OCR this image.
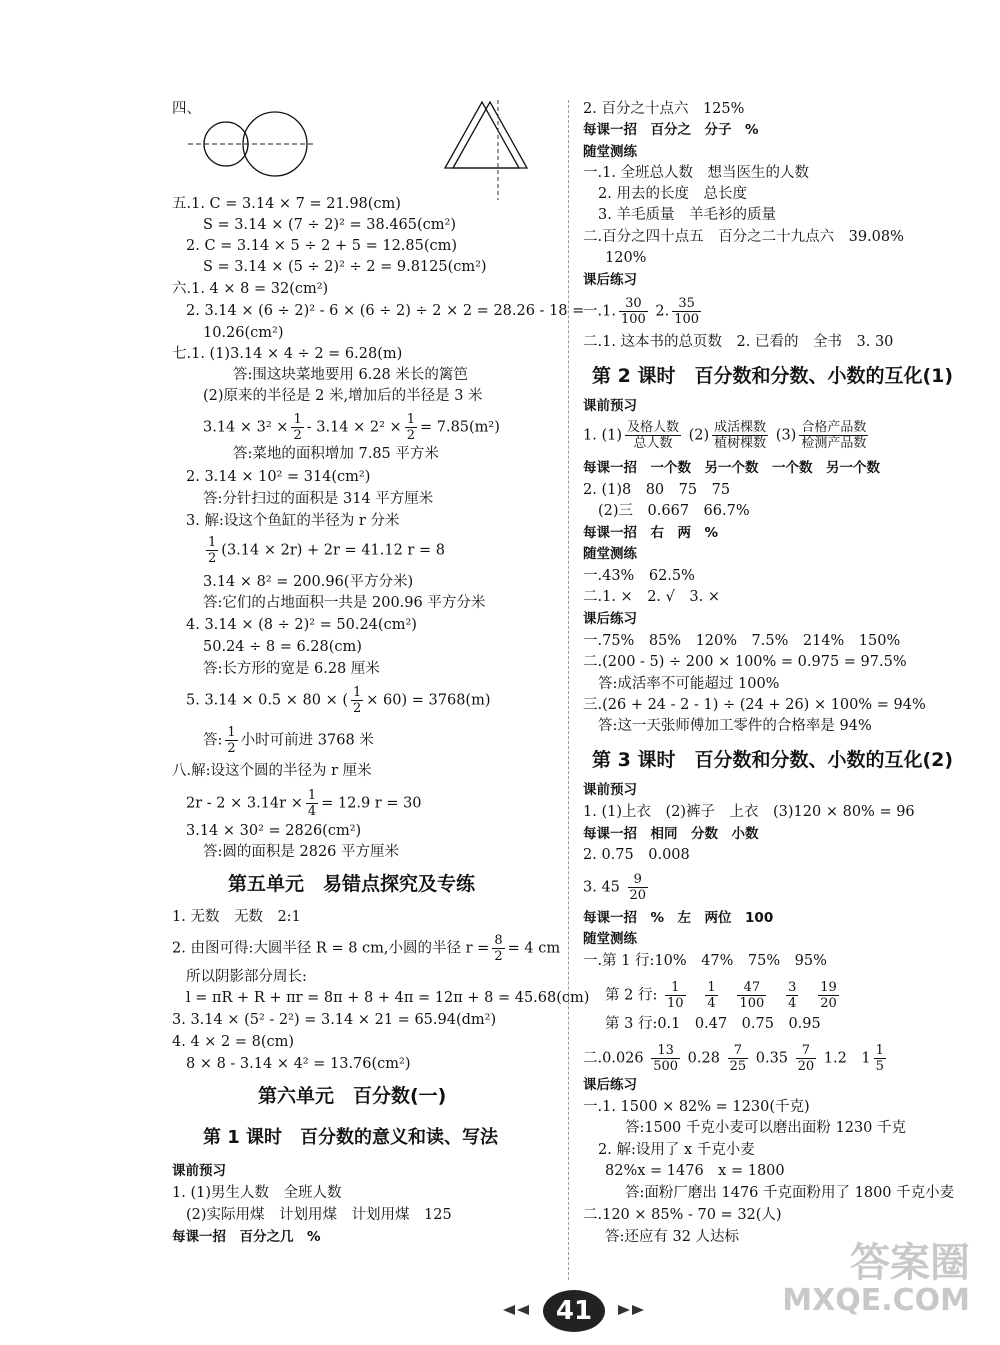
四、
五.1. C = 3.14 × 7 = 21.98(cm)
S = 3.14 × (7 ÷ 2)² = 38.465(cm²)
2. C = 3.14 × 5 ÷ 2 + 5 = 12.85(cm)
S = 3.14 × (5 ÷ 2)² ÷ 2 = 9.8125(cm²)
六.1. 4 × 8 = 32(cm²)
2. 3.14 × (6 ÷ 2)² - 6 × (6 ÷ 2) ÷ 2 × 2 = 28.26 - 18 =
10.26(cm²)
七.1. (1)3.14 × 4 ÷ 2 = 6.28(m)
答:围这块菜地要用 6.28 米长的篱笆
(2)原来的半径是 2 米,增加后的半径是 3 米
$3.14 \times 3^2 \times \frac{1}{2} - 3.14 \times 2^2 \times \frac{1}{2} = 7.85(m^2)$
答:菜地的面积增加 7.85 平方米
2. 3.14 × 10² = 314(cm²)
答:分针扫过的面积是 314 平方厘米
3. 解:设这个鱼缸的半径为 r 分米
$\frac{1}{2} (3.14 \times 2r) + 2r = 41.12$ r = 8
3.14 × 8² = 200.96(平方分米)
答:它们的占地面积一共是 200.96 平方分米
4. 3.14 × (8 ÷ 2)² = 50.24(cm²)
50.24 ÷ 8 = 6.28(cm)
答:长方形的宽是 6.28 厘米
5. 3.14 × 0.5 × 80 × ( $\frac{1}{2} \times 60) = 3768(m)$
答: $\frac{1}{2}$ 小时可前进 3768 米
八.解:设这个圆的半径为 r 厘米
$2r - 2 \times 3.14r \times \frac{1}{4} = 12.9$ r = 30
3.14 × 30² = 2826(cm²)
答:圆的面积是 2826 平方厘米
第五单元　易错点探究及专练
1. 无数　无数　2:1
2. 由图可得:大圆半径 R = 8 cm,小圆的半径 $r = \frac{8}{2} = 4$ cm
所以阴影部分周长:
l = πR + R + πr = 8π + 8 + 4π = 12π + 8 = 45.68(cm)
3. 3.14 × (5² - 2²) = 3.14 × 21 = 65.94(dm²)
4. 4 × 2 = 8(cm)
8 × 8 - 3.14 × 4² = 13.76(cm²)
第六单元　百分数(一)
第 1 课时　百分数的意义和读、写法
课前预习
1. (1)男生人数　全班人数
(2)实际用煤　计划用煤　计划用煤　125
每课一招　百分之几　%
2. 百分之十点六　125%
每课一招　百分之　分子　%
随堂测练
一.1. 全班总人数　想当医生的人数
2. 用去的长度　总长度
3. 羊毛质量　羊毛衫的质量
二.百分之四十点五　百分之二十九点六　39.08%
120%
课后练习
一.1. $\frac{30}{100} 2$. $\frac{35}{100}$
二.1. 这本书的总页数　2. 已看的　全书　3. 30
第 2 课时　百分数和分数、小数的互化(1)
课前预习
1. $(1) \frac{\text{及格人数}}{\text{总人数}} (2) \frac{\text{成活棵数}}{\text{植树棵数}} (3) \frac{\text{合格产品数}}{\text{检测产品数}}$
每课一招　一个数　另一个数　一个数　另一个数
2. (1)8　80　75　75
(2)三　0.667　66.7%
每课一招　右　两　%
随堂测练
一.43%　62.5%
二.1. ×　2. √　3. ×
课后练习
一.75%　85%　120%　7.5%　214%　150%
二.(200 - 5) ÷ 200 × 100% = 0.975 = 97.5%
答:成活率不可能超过 100%
三.(26 + 24 - 2 - 1) ÷ (24 + 26) × 100% = 94%
答:这一天张师傅加工零件的合格率是 94%
第 3 课时　百分数和分数、小数的互化(2)
课前预习
1. (1)上衣　(2)裤子　上衣　(3)120 × 80% = 96
每课一招　相同　分数　小数
2. 0.75　0.008
3. $45 \frac{9}{20}$
每课一招　%　左　两位　100
随堂测练
一.第 1 行:10%　47%　75%　95%
第 2 行: $\frac{1}{10}$
$\frac{1}{4}$
$\frac{47}{100}$
$\frac{3}{4}$
$\frac{19}{20}$
第 3 行:0.1　0.47　0.75　0.95
二$.0.026 \frac{13}{500} 0.28 \frac{7}{25} 0.35 \frac{7}{20} 1.2$　$1 \frac{1}{5}$
课后练习
一.1. 1500 × 82% = 1230(千克)
答:1500 千克小麦可以磨出面粉 1230 千克
2. 解:设用了 x 千克小麦
82%x = 1476　x = 1800
答:面粉厂磨出 1476 千克面粉用了 1800 千克小麦
二.120 × 85% - 70 = 32(人)
答:还应有 32 人达标
41
答案圈
MXQE.COM
